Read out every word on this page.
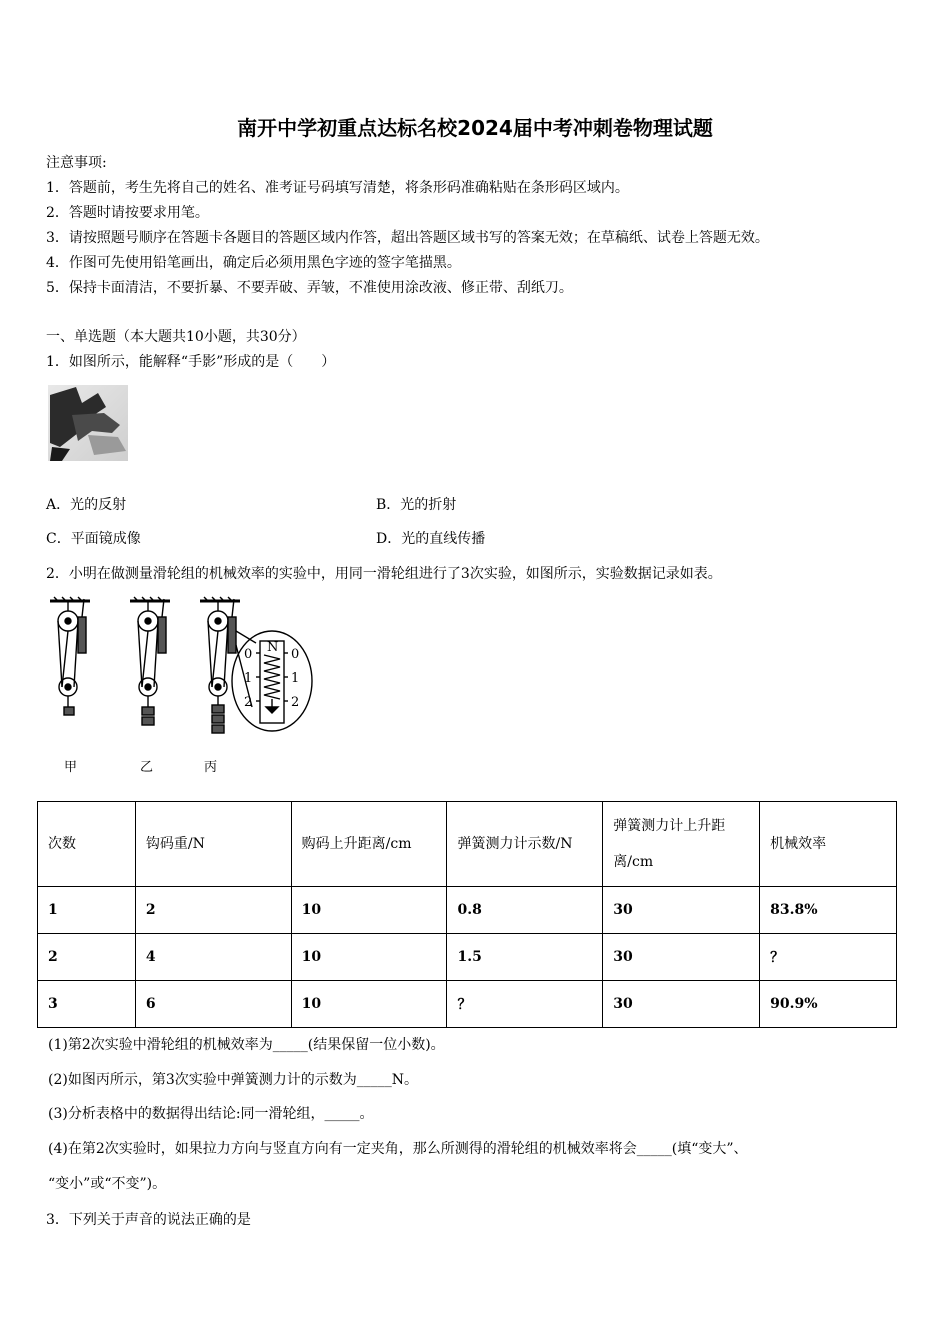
南开中学初重点达标名校2024届中考冲刺卷物理试题
注意事项:
1．答题前，考生先将自己的姓名、准考证号码填写清楚，将条形码准确粘贴在条形码区域内。
2．答题时请按要求用笔。
3．请按照题号顺序在答题卡各题目的答题区域内作答，超出答题区域书写的答案无效；在草稿纸、试卷上答题无效。
4．作图可先使用铅笔画出，确定后必须用黑色字迹的签字笔描黑。
5．保持卡面清洁，不要折暴、不要弄破、弄皱，不准使用涂改液、修正带、刮纸刀。
一、单选题（本大题共10小题，共30分）
1．如图所示，能解释“手影”形成的是（　　）
A．光的反射	B．光的折射
C．平面镜成像	D．光的直线传播
2．小明在做测量滑轮组的机械效率的实验中，用同一滑轮组进行了3次实验，如图所示，实验数据记录如表。
N
0
1
2
0
1
2
甲	乙	丙
次数	钩码重/N	购码上升距离/cm	弹簧测力计示数/N	弹簧测力计上升距离/cm	机械效率
1	2	10	0.8	30	83.8%
2	4	10	1.5	30	？
3	6	10	？	30	90.9%
(1)第2次实验中滑轮组的机械效率为_____(结果保留一位小数)。
(2)如图丙所示，第3次实验中弹簧测力计的示数为_____N。
(3)分析表格中的数据得出结论:同一滑轮组，_____。
(4)在第2次实验时，如果拉力方向与竖直方向有一定夹角，那么所测得的滑轮组的机械效率将会_____(填“变大”、
“变小”或“不变”)。
3．下列关于声音的说法正确的是
